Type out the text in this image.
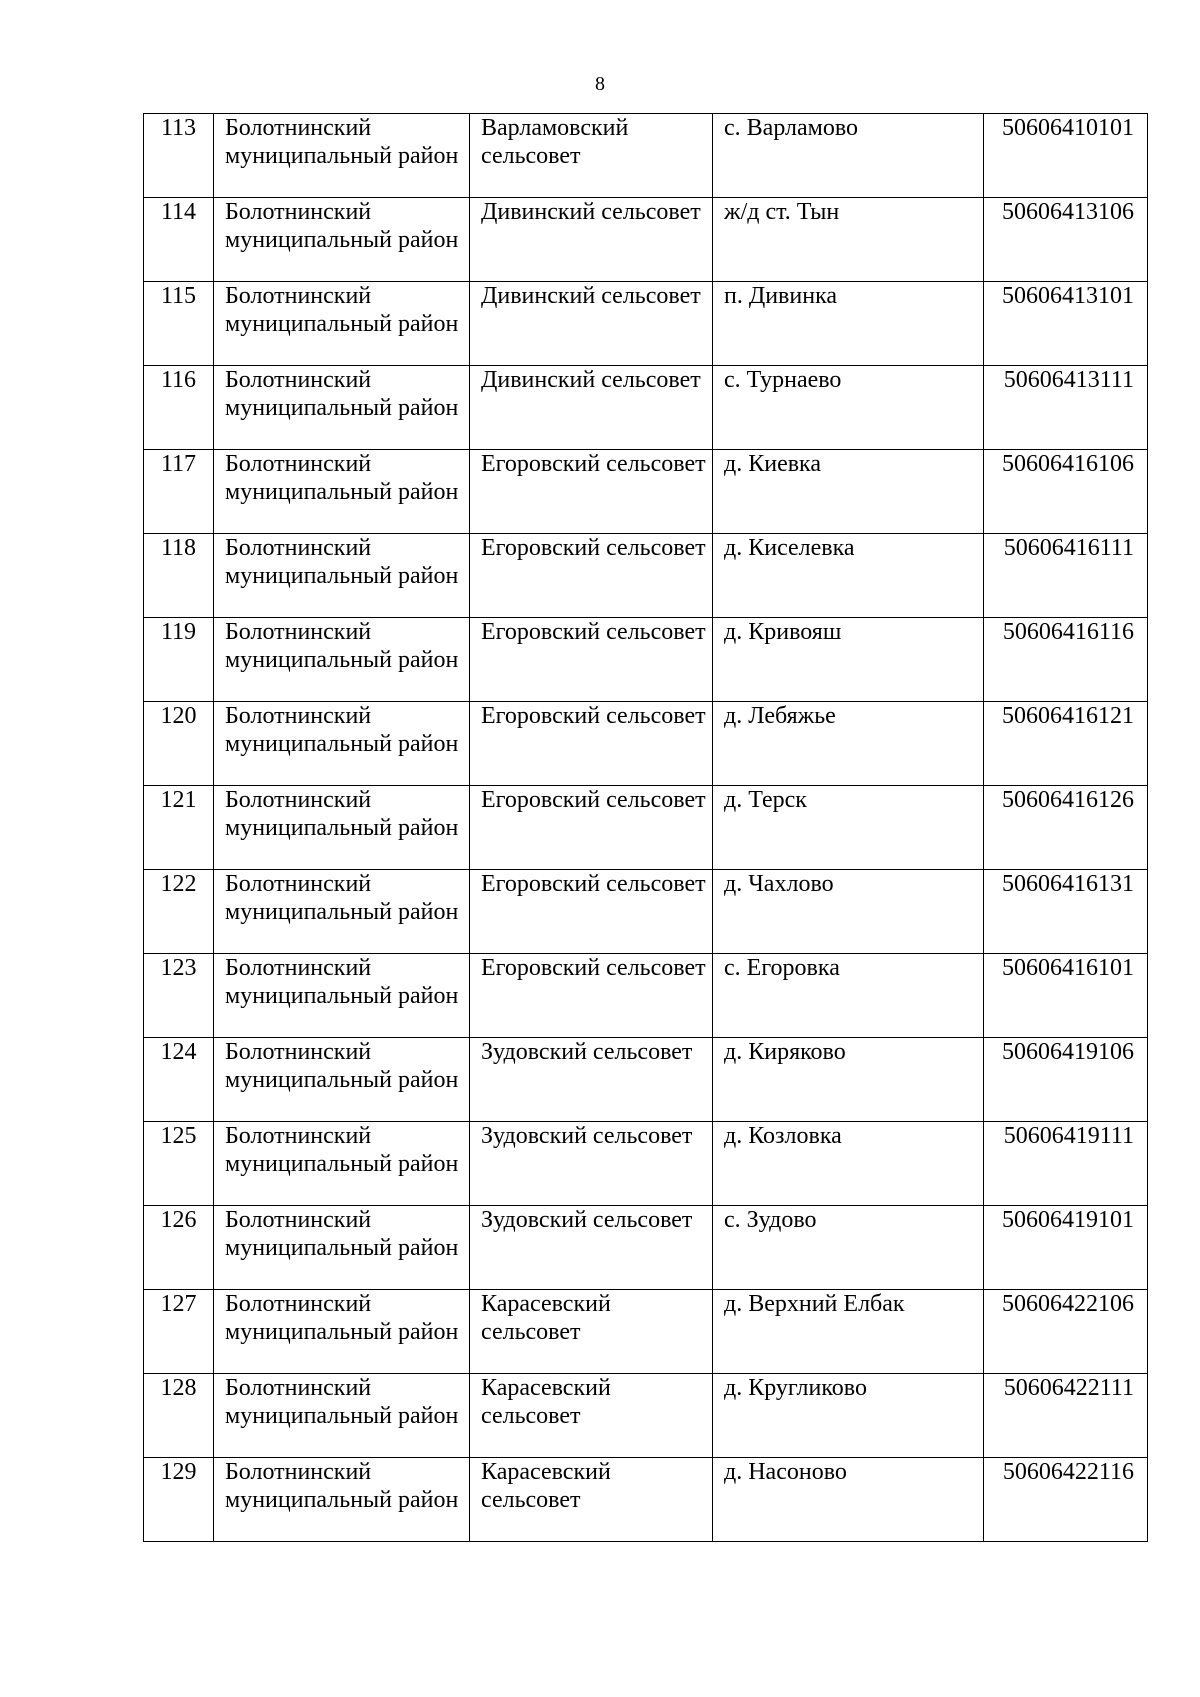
8
113	Болотнинский муниципальный район	Варламовский сельсовет	с. Варламово	50606410101

114	Болотнинский муниципальный район	Дивинский сельсовет	ж/д ст. Тын	50606413106

115	Болотнинский муниципальный район	Дивинский сельсовет	п. Дивинка	50606413101

116	Болотнинский муниципальный район	Дивинский сельсовет	с. Турнаево	50606413111

117	Болотнинский муниципальный район	Егоровский сельсовет	д. Киевка	50606416106

118	Болотнинский муниципальный район	Егоровский сельсовет	д. Киселевка	50606416111

119	Болотнинский муниципальный район	Егоровский сельсовет	д. Кривояш	50606416116

120	Болотнинский муниципальный район	Егоровский сельсовет	д. Лебяжье	50606416121

121	Болотнинский муниципальный район	Егоровский сельсовет	д. Терск	50606416126

122	Болотнинский муниципальный район	Егоровский сельсовет	д. Чахлово	50606416131

123	Болотнинский муниципальный район	Егоровский сельсовет	с. Егоровка	50606416101

124	Болотнинский муниципальный район	Зудовский сельсовет	д. Киряково	50606419106

125	Болотнинский муниципальный район	Зудовский сельсовет	д. Козловка	50606419111

126	Болотнинский муниципальный район	Зудовский сельсовет	с. Зудово	50606419101

127	Болотнинский муниципальный район	Карасевский сельсовет	д. Верхний Елбак	50606422106

128	Болотнинский муниципальный район	Карасевский сельсовет	д. Кругликово	50606422111

129	Болотнинский муниципальный район	Карасевский сельсовет	д. Насоново	50606422116
